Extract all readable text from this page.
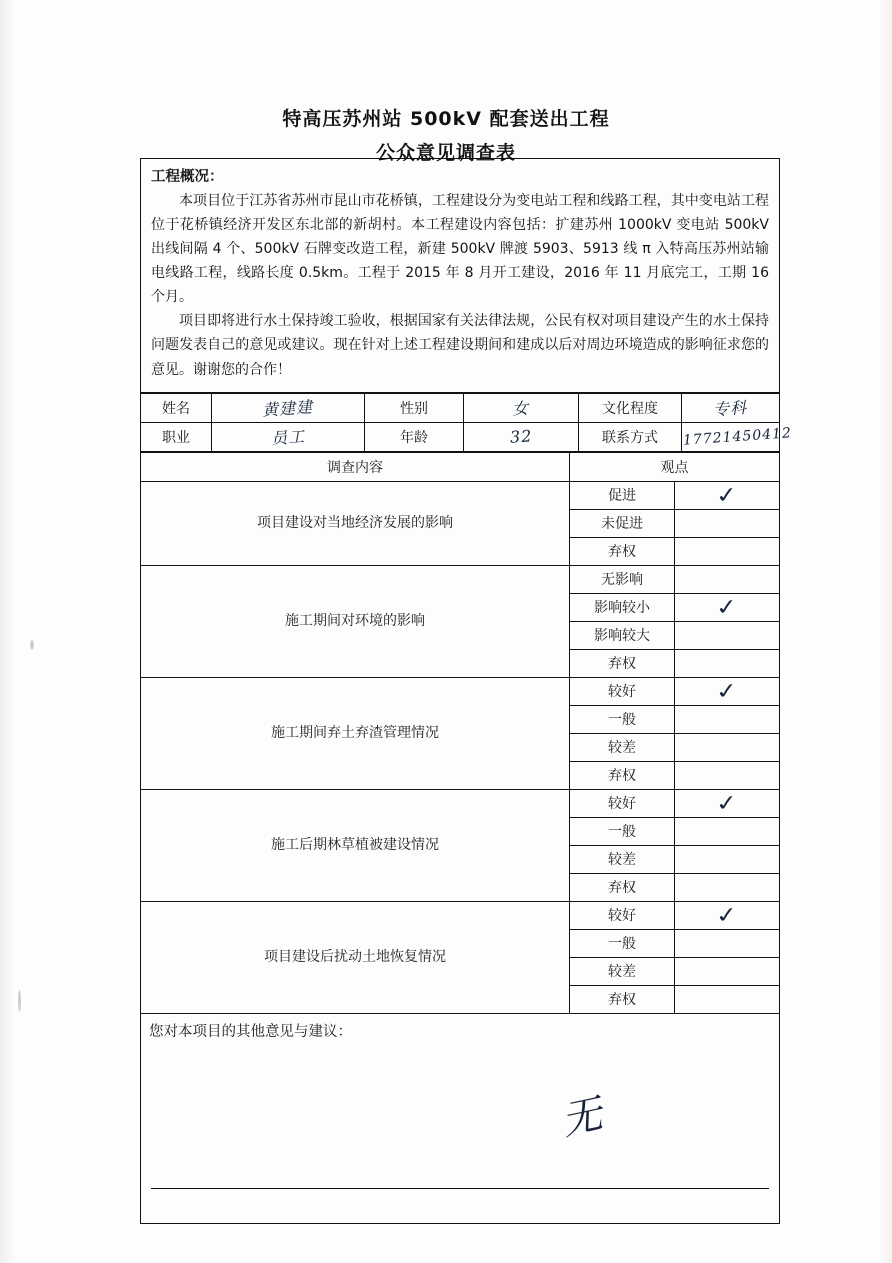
特高压苏州站 500kV 配套送出工程
公众意见调查表
工程概况：

本项目位于江苏省苏州市昆山市花桥镇，工程建设分为变电站工程和线路工程，其中变电站工程位于花桥镇经济开发区东北部的新胡村。本工程建设内容包括：扩建苏州 1000kV 变电站 500kV 出线间隔 4 个、500kV 石牌变改造工程，新建 500kV 牌渡 5903、5913 线 π 入特高压苏州站输电线路工程，线路长度 0.5km。工程于 2015 年 8 月开工建设，2016 年 11 月底完工，工期 16 个月。

项目即将进行水土保持竣工验收，根据国家有关法律法规，公民有权对项目建设产生的水土保持问题发表自己的意见或建议。现在针对上述工程建设期间和建成以后对周边环境造成的影响征求您的意见。谢谢您的合作！

姓名	黄建建	性别	女	文化程度	专科
职业	员工	年龄	32	联系方式	17721450412
调查内容	观点	
项目建设对当地经济发展的影响	促进	✓
	未促进	
	弃权	
施工期间对环境的影响	无影响	
	影响较小	✓
	影响较大	
	弃权	
施工期间弃土弃渣管理情况	较好	✓
	一般	
	较差	
	弃权	
施工后期林草植被建设情况	较好	✓
	一般	
	较差	
	弃权	
项目建设后扰动土地恢复情况	较好	✓
	一般	
	较差	
	弃权	
您对本项目的其他意见与建议：
无
